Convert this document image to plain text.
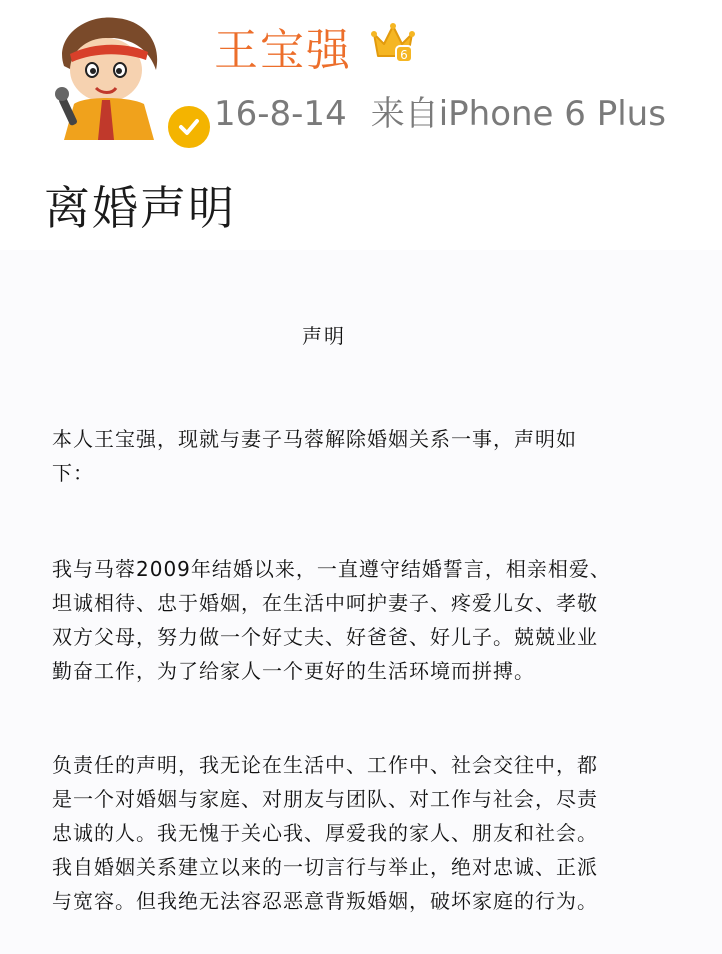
王宝强	6
16-8-14 来自iPhone 6 Plus
离婚声明
声明
本人王宝强，现就与妻子马蓉解除婚姻关系一事，声明如下：
我与马蓉2009年结婚以来，一直遵守结婚誓言，相亲相爱、坦诚相待、忠于婚姻，在生活中呵护妻子、疼爱儿女、孝敬双方父母，努力做一个好丈夫、好爸爸、好儿子。兢兢业业勤奋工作，为了给家人一个更好的生活环境而拼搏。
负责任的声明，我无论在生活中、工作中、社会交往中，都是一个对婚姻与家庭、对朋友与团队、对工作与社会，尽责忠诚的人。我无愧于关心我、厚爱我的家人、朋友和社会。我自婚姻关系建立以来的一切言行与举止，绝对忠诚、正派与宽容。但我绝无法容忍恶意背叛婚姻，破坏家庭的行为。
